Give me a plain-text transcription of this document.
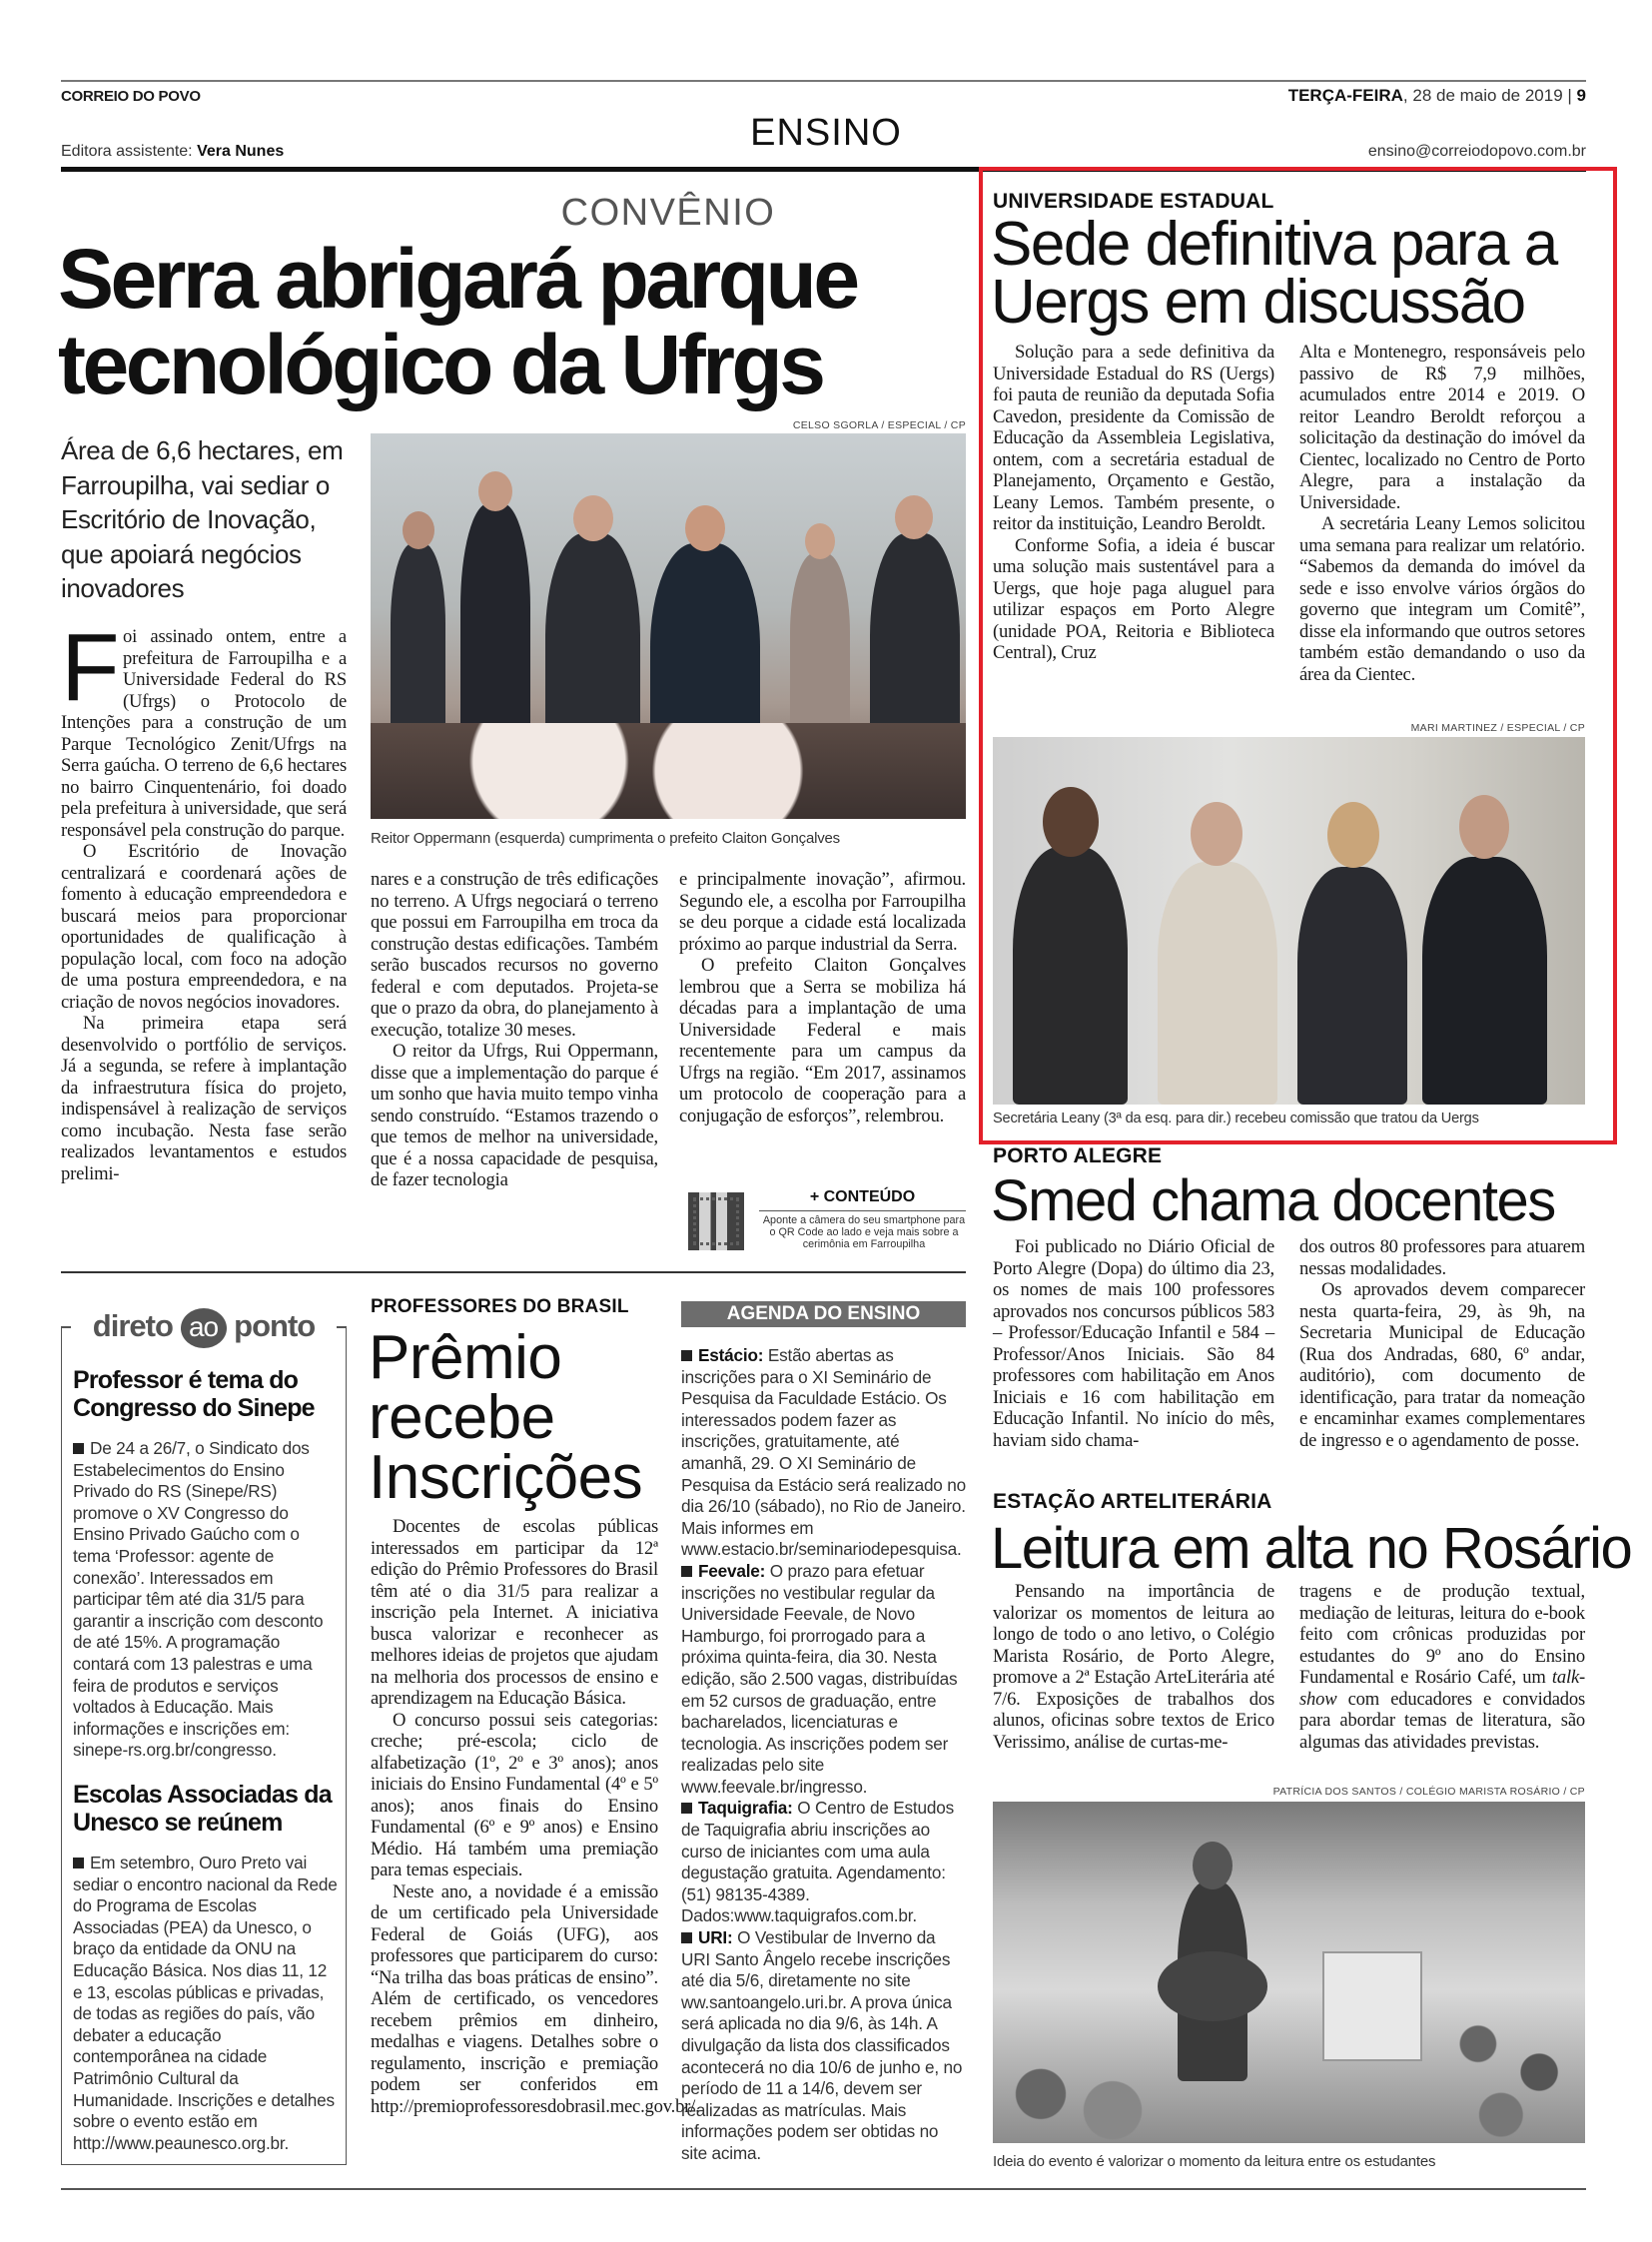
CORREIO DO POVO	TERÇA-FEIRA, 28 de maio de 2019 | 9
ENSINO
Editora assistente: Vera Nunes	ensino@correiodopovo.com.br
CONVÊNIO
Serra abrigará parque
tecnológico da Ufrgs
Área de 6,6 hectares, em Farroupilha, vai sediar o Escritório de Inovação, que apoiará negócios inovadores
CELSO SGORLA / ESPECIAL / CP
Reitor Oppermann (esquerda) cumprimenta o prefeito Claiton Gonçalves
F oi assinado ontem, entre a prefeitura de Farroupilha e a Universidade Federal do RS (Ufrgs) o Protocolo de Intenções para a construção de um Parque Tecnológico Zenit/Ufrgs na Serra gaúcha. O terreno de 6,6 hectares no bairro Cinquentenário, foi doado pela prefeitura à universidade, que será responsável pela construção do parque.

O Escritório de Inovação centralizará e coordenará ações de fomento à educação empreendedora e buscará meios para proporcionar oportunidades de qualificação à população local, com foco na adoção de uma postura empreendedora, e na criação de novos negócios inovadores.

Na primeira etapa será desenvolvido o portfólio de serviços. Já a segunda, se refere à implantação da infraestrutura física do projeto, indispensável à realização de serviços como incubação. Nesta fase serão realizados levantamentos e estudos prelimi-

nares e a construção de três edificações no terreno. A Ufrgs negociará o terreno que possui em Farroupilha em troca da construção destas edificações. Também serão buscados recursos no governo federal e com deputados. Projeta-se que o prazo da obra, do planejamento à execução, totalize 30 meses.

O reitor da Ufrgs, Rui Oppermann, disse que a implementação do parque é um sonho que havia muito tempo vinha sendo construído. “Estamos trazendo o que temos de melhor na universidade, que é a nossa capacidade de pesquisa, de fazer tecnologia

e principalmente inovação”, afirmou. Segundo ele, a escolha por Farroupilha se deu porque a cidade está localizada próximo ao parque industrial da Serra.

O prefeito Claiton Gonçalves lembrou que a Serra se mobiliza há décadas para a implantação de uma Universidade Federal e mais recentemente para um campus da Ufrgs na região. “Em 2017, assinamos um protocolo de cooperação para a conjugação de esforços”, relembrou.

+ CONTEÚDO
Aponte a câmera do seu smartphone para o QR Code ao lado e veja mais sobre a cerimônia em Farroupilha
direto ao ponto
Professor é tema do Congresso do Sinepe
De 24 a 26/7, o Sindicato dos Estabelecimentos do Ensino Privado do RS (Sinepe/RS) promove o XV Congresso do Ensino Privado Gaúcho com o tema ‘Professor: agente de conexão’. Interessados em participar têm até dia 31/5 para garantir a inscrição com desconto de até 15%. A programação contará com 13 palestras e uma feira de produtos e serviços voltados à Educação. Mais informações e inscrições em: sinepe-rs.org.br/congresso.
Escolas Associadas da Unesco se reúnem
Em setembro, Ouro Preto vai sediar o encontro nacional da Rede do Programa de Escolas Associadas (PEA) da Unesco, o braço da entidade da ONU na Educação Básica. Nos dias 11, 12 e 13, escolas públicas e privadas, de todas as regiões do país, vão debater a educação contemporânea na cidade Patrimônio Cultural da Humanidade. Inscrições e detalhes sobre o evento estão em http://www.peaunesco.org.br.
PROFESSORES DO BRASIL
Prêmio
recebe
Inscrições

Docentes de escolas públicas interessados em participar da 12ª edição do Prêmio Professores do Brasil têm até o dia 31/5 para realizar a inscrição pela Internet. A iniciativa busca valorizar e reconhecer as melhores ideias de projetos que ajudam na melhoria dos processos de ensino e aprendizagem na Educação Básica.

O concurso possui seis categorias: creche; pré-escola; ciclo de alfabetização (1º, 2º e 3º anos); anos iniciais do Ensino Fundamental (4º e 5º anos); anos finais do Ensino Fundamental (6º e 9º anos) e Ensino Médio. Há também uma premiação para temas especiais.

Neste ano, a novidade é a emissão de um certificado pela Universidade Federal de Goiás (UFG), aos professores que participarem do curso: “Na trilha das boas práticas de ensino”. Além de certificado, os vencedores recebem prêmios em dinheiro, medalhas e viagens. Detalhes sobre o regulamento, inscrição e premiação podem ser conferidos em http://premioprofessoresdobrasil.mec.gov.br/.

AGENDA DO ENSINO
Estácio: Estão abertas as inscrições para o XI Seminário de Pesquisa da Faculdade Estácio. Os interessados podem fazer as inscrições, gratuitamente, até amanhã, 29. O XI Seminário de Pesquisa da Estácio será realizado no dia 26/10 (sábado), no Rio de Janeiro. Mais informes em www.estacio.br/seminariodepesquisa.
Feevale: O prazo para efetuar inscrições no vestibular regular da Universidade Feevale, de Novo Hamburgo, foi prorrogado para a próxima quinta-feira, dia 30. Nesta edição, são 2.500 vagas, distribuídas em 52 cursos de graduação, entre bacharelados, licenciaturas e tecnologia. As inscrições podem ser realizadas pelo site www.feevale.br/ingresso.
Taquigrafia: O Centro de Estudos de Taquigrafia abriu inscrições ao curso de iniciantes com uma aula degustação gratuita. Agendamento: (51) 98135-4389. Dados:www.taquigrafos.com.br.
URI: O Vestibular de Inverno da URI Santo Ângelo recebe inscrições até dia 5/6, diretamente no site ww.santoangelo.uri.br. A prova única será aplicada no dia 9/6, às 14h. A divulgação da lista dos classificados acontecerá no dia 10/6 de junho e, no período de 11 a 14/6, devem ser realizadas as matrículas. Mais informações podem ser obtidas no site acima.
UNIVERSIDADE ESTADUAL
Sede definitiva para a
Uergs em discussão

Solução para a sede definitiva da Universidade Estadual do RS (Uergs) foi pauta de reunião da deputada Sofia Cavedon, presidente da Comissão de Educação da Assembleia Legislativa, ontem, com a secretária estadual de Planejamento, Orçamento e Gestão, Leany Lemos. Também presente, o reitor da instituição, Leandro Beroldt.

Conforme Sofia, a ideia é buscar uma solução mais sustentável para a Uergs, que hoje paga aluguel para utilizar espaços em Porto Alegre (unidade POA, Reitoria e Biblioteca Central), Cruz

Alta e Montenegro, responsáveis pelo passivo de R$ 7,9 milhões, acumulados entre 2014 e 2019. O reitor Leandro Beroldt reforçou a solicitação da destinação do imóvel da Cientec, localizado no Centro de Porto Alegre, para a instalação da Universidade.

A secretária Leany Lemos solicitou uma semana para realizar um relatório. “Sabemos da demanda do imóvel da sede e isso envolve vários órgãos do governo que integram um Comitê”, disse ela informando que outros setores também estão demandando o uso da área da Cientec.

MARI MARTINEZ / ESPECIAL / CP
Secretária Leany (3ª da esq. para dir.) recebeu comissão que tratou da Uergs
PORTO ALEGRE
Smed chama docentes

Foi publicado no Diário Oficial de Porto Alegre (Dopa) do último dia 23, os nomes de mais 100 professores aprovados nos concursos públicos 583 – Professor/Educação Infantil e 584 – Professor/Anos Iniciais. São 84 professores com habilitação em Anos Iniciais e 16 com habilitação em Educação Infantil. No início do mês, haviam sido chama-

dos outros 80 professores para atuarem nessas modalidades.

Os aprovados devem comparecer nesta quarta-feira, 29, às 9h, na Secretaria Municipal de Educação (Rua dos Andradas, 680, 6º andar, auditório), com documento de identificação, para tratar da nomeação e encaminhar exames complementares de ingresso e o agendamento de posse.

ESTAÇÃO ARTELITERÁRIA
Leitura em alta no Rosário

Pensando na importância de valorizar os momentos de leitura ao longo de todo o ano letivo, o Colégio Marista Rosário, de Porto Alegre, promove a 2ª Estação ArteLiterária até 7/6. Exposições de trabalhos dos alunos, oficinas sobre textos de Erico Verissimo, análise de curtas-me-

tragens e de produção textual, mediação de leituras, leitura do e-book feito com crônicas produzidas por estudantes do 9º ano do Ensino Fundamental e Rosário Café, um talk-show com educadores e convidados para abordar temas de literatura, são algumas das atividades previstas.

PATRÍCIA DOS SANTOS / COLÉGIO MARISTA ROSÁRIO / CP
Ideia do evento é valorizar o momento da leitura entre os estudantes
